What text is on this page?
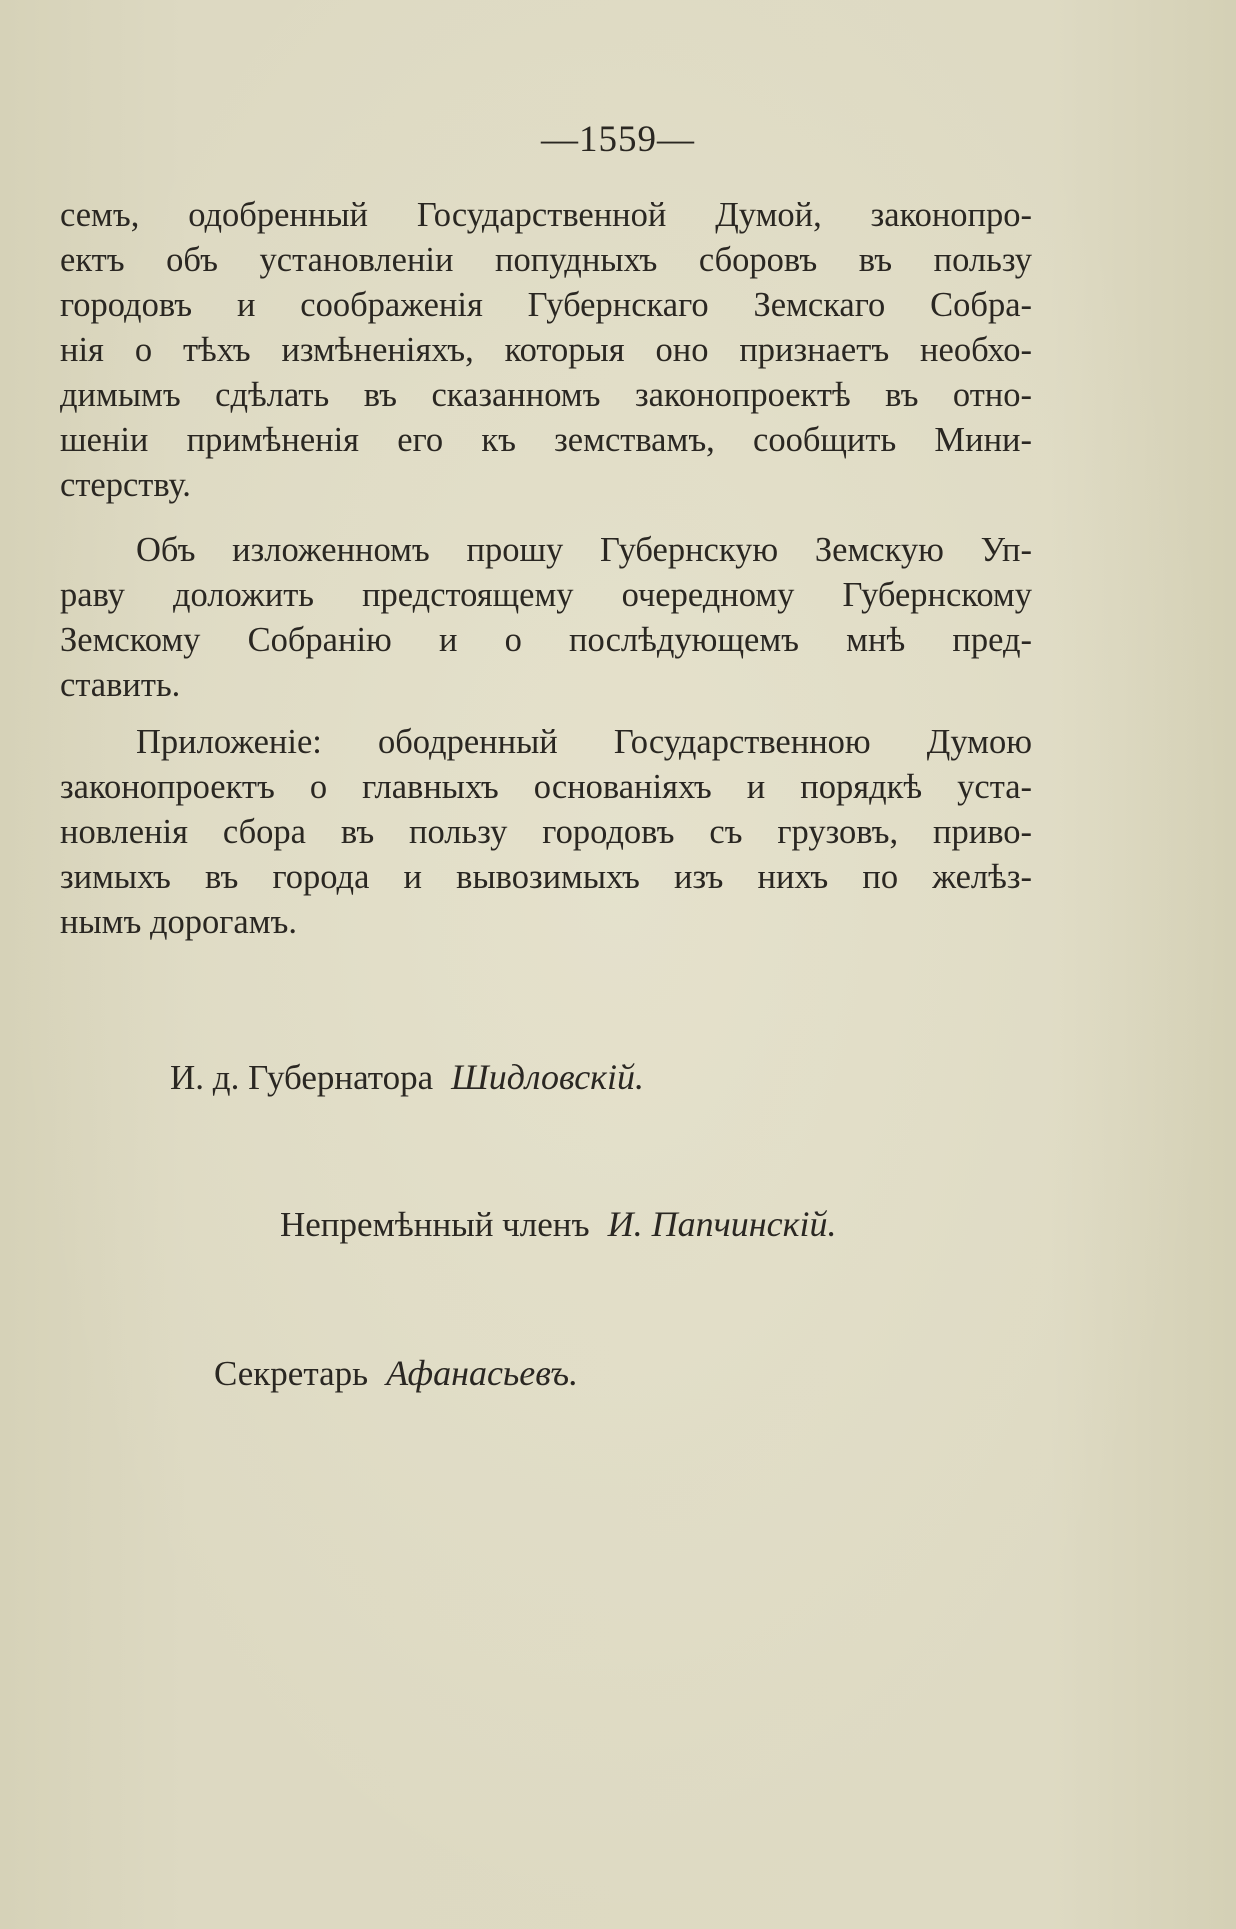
—1559—
семъ, одобренный Государственной Думой, законопро-
ектъ объ установленіи попудныхъ сборовъ въ пользу
городовъ и соображенія Губернскаго Земскаго Собра-
нія о тѣхъ измѣненіяхъ, которыя оно признаетъ необхо-
димымъ сдѣлать въ сказанномъ законопроектѣ въ отно-
шеніи примѣненія его къ земствамъ, сообщить Мини-
стерству.
Объ изложенномъ прошу Губернскую Земскую Уп-
раву доложить предстоящему очередному Губернскому
Земскому Собранію и о послѣдующемъ мнѣ пред-
ставить.
Приложеніе: ободренный Государственною Думою
законопроектъ о главныхъ основаніяхъ и порядкѣ уста-
новленія сбора въ пользу городовъ съ грузовъ, приво-
зимыхъ въ города и вывозимыхъ изъ нихъ по желѣз-
нымъ дорогамъ.
И. д. Губернатора Шидловскій.
Непремѣнный членъ И. Папчинскій.
Секретарь Афанасьевъ.
